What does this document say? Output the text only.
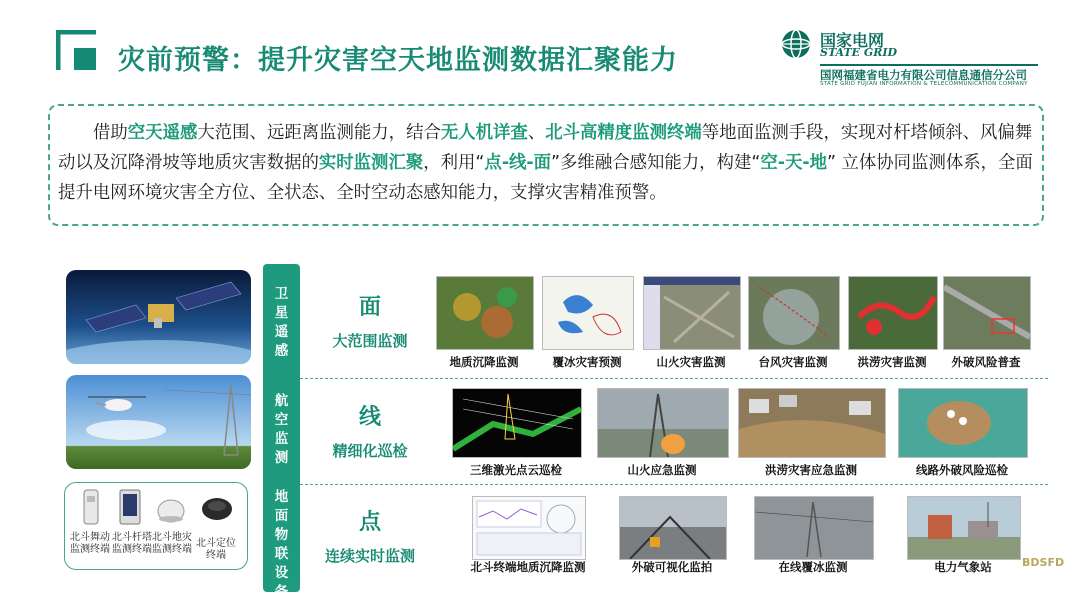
灾前预警：提升灾害空天地监测数据汇聚能力
国家电网
STATE GRID
国网福建省电力有限公司信息通信分公司
STATE GRID FUJIAN INFORMATION & TELECOMMUNICATION COMPANY
借助空天遥感大范围、远距离监测能力，结合无人机详查、北斗高精度监测终端等地面监测手段，实现对杆塔倾斜、风偏舞动以及沉降滑坡等地质灾害数据的实时监测汇聚，利用“点-线-面”多维融合感知能力，构建“空-天-地” 立体协同监测体系，全面提升电网环境灾害全方位、全状态、全时空动态感知能力，支撑灾害精准预警。
北斗舞动监测终端
北斗杆塔监测终端
北斗地灾监测终端
北斗定位终端
卫星遥感
航空监测
地面物联设备
面
大范围监测
线
精细化巡检
点
连续实时监测
地质沉降监测	覆冰灾害预测	山火灾害监测	台风灾害监测	洪涝灾害监测	外破风险普查
三维激光点云巡检	山火应急监测	洪涝灾害应急监测	线路外破风险巡检
北斗终端地质沉降监测	外破可视化监拍	在线覆冰监测	电力气象站	BDSFD
